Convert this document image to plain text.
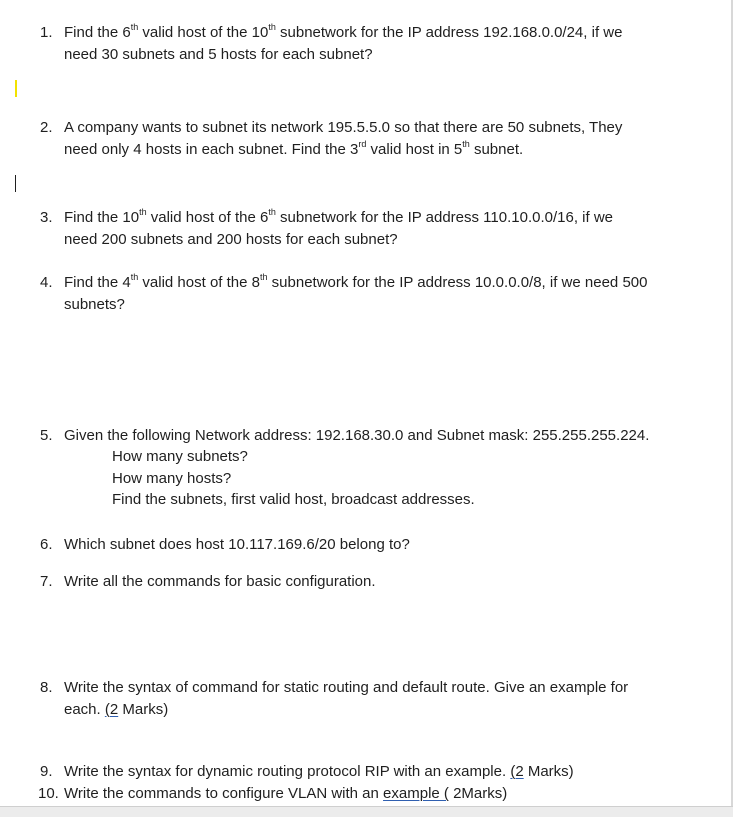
1. Find the 6th valid host of the 10th subnetwork for the IP address 192.168.0.0/24, if we
need 30 subnets and 5 hosts for each subnet?
2. A company wants to subnet its network 195.5.5.0 so that there are 50 subnets, They
need only 4 hosts in each subnet. Find the 3rd valid host in 5th subnet.
3. Find the 10th valid host of the 6th subnetwork for the IP address 110.10.0.0/16, if we
need 200 subnets and 200 hosts for each subnet?
4. Find the 4th valid host of the 8th subnetwork for the IP address 10.0.0.0/8, if we need 500
subnets?
5. Given the following Network address: 192.168.30.0 and Subnet mask: 255.255.255.224.
How many subnets?
How many hosts?
Find the subnets, first valid host, broadcast addresses.
6. Which subnet does host 10.117.169.6/20 belong to?
7. Write all the commands for basic configuration.
8. Write the syntax of command for static routing and default route. Give an example for
each. (2 Marks)
9. Write the syntax for dynamic routing protocol RIP with an example. (2 Marks)
10. Write the commands to configure VLAN with an example ( 2Marks)
